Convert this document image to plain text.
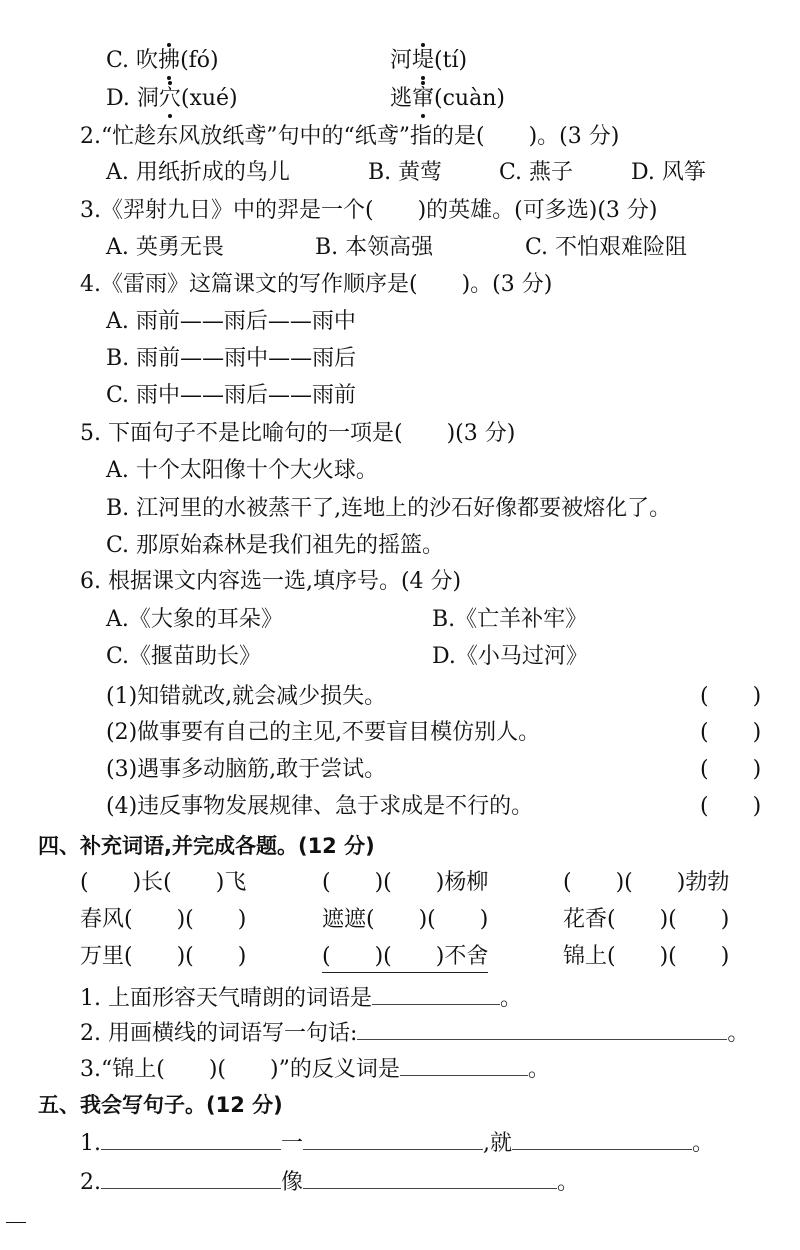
C. 吹拂(fó)	河堤(tí)
D. 洞穴(xué)	逃窜(cuàn)
2.“忙趁东风放纸鸢”句中的“纸鸢”指的是(　　)。(3 分)
A. 用纸折成的鸟儿	B. 黄莺	C. 燕子	D. 风筝
3.《羿射九日》中的羿是一个(　　)的英雄。(可多选)(3 分)
A. 英勇无畏	B. 本领高强	C. 不怕艰难险阻
4.《雷雨》这篇课文的写作顺序是(　　)。(3 分)
A. 雨前——雨后——雨中
B. 雨前——雨中——雨后
C. 雨中——雨后——雨前
5. 下面句子不是比喻句的一项是(　　)(3 分)
A. 十个太阳像十个大火球。
B. 江河里的水被蒸干了,连地上的沙石好像都要被熔化了。
C. 那原始森林是我们祖先的摇篮。
6. 根据课文内容选一选,填序号。(4 分)
A.《大象的耳朵》	B.《亡羊补牢》
C.《揠苗助长》	D.《小马过河》
(1)知错就改,就会减少损失。	(　　)
(2)做事要有自己的主见,不要盲目模仿别人。	(　　)
(3)遇事多动脑筋,敢于尝试。	(　　)
(4)违反事物发展规律、急于求成是不行的。	(　　)
四、补充词语,并完成各题。(12 分)
(　　)长(　　)飞	(　　)(　　)杨柳	(　　)(　　)勃勃
春风(　　)(　　)	遮遮(　　)(　　)	花香(　　)(　　)
万里(　　)(　　)	(　　)(　　)不舍	锦上(　　)(　　)
1. 上面形容天气晴朗的词语是	。
2. 用画横线的词语写一句话:	。
3.“锦上(　　)(　　)”的反义词是	。
五、我会写句子。(12 分)
1.	一	,就	。
2.	像	。
